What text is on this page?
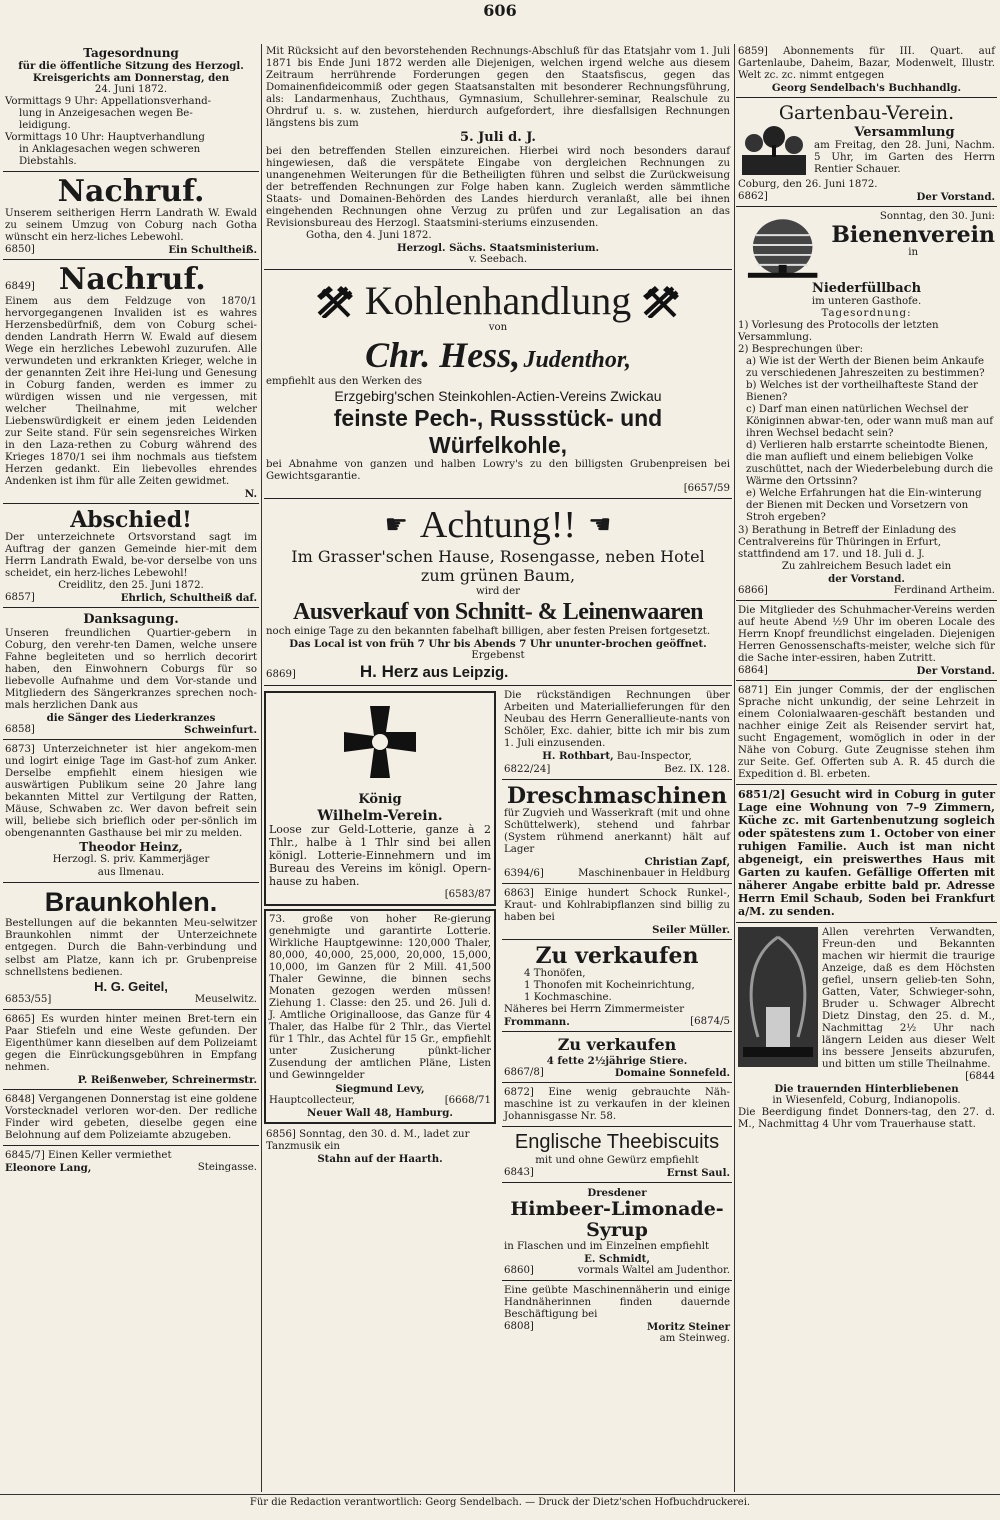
606
Tagesordnung
für die öffentliche Sitzung des Herzogl.
Kreisgerichts am Donnerstag, den
24. Juni 1872.
Vormittags 9 Uhr: Appellationsverhand-
lung in Anzeigesachen wegen Be-
leidigung.
Vormittags 10 Uhr: Hauptverhandlung
in Anklagesachen wegen schweren
Diebstahls.
Nachruf.
Unserem seitherigen Herrn Landrath W. Ewald zu seinem Umzug von Coburg nach Gotha wünscht ein herz-liches Lebewohl.
6850]	Ein Schultheiß.
6849] Nachruf.
Einem aus dem Feldzuge von 1870/1 hervorgegangenen Invaliden ist es wahres Herzensbedürfniß, dem von Coburg schei-denden Landrath Herrn W. Ewald auf diesem Wege ein herzliches Lebewohl zuzurufen. Alle verwundeten und erkrankten Krieger, welche in der genannten Zeit ihre Hei-lung und Genesung in Coburg fanden, werden es immer zu würdigen wissen und nie vergessen, mit welcher Theilnahme, mit welcher Liebenswürdigkeit er einem jeden Leidenden zur Seite stand. Für sein segensreiches Wirken in den Laza-rethen zu Coburg während des Krieges 1870/1 sei ihm nochmals aus tiefstem Herzen gedankt. Ein liebevolles ehrendes Andenken ist ihm für alle Zeiten gewidmet.
N.
Abschied!
Der unterzeichnete Ortsvorstand sagt im Auftrag der ganzen Gemeinde hier-mit dem Herrn Landrath Ewald, be-vor derselbe von uns scheidet, ein herz-liches Lebewohl!
Creidlitz, den 25. Juni 1872.
6857]	Ehrlich, Schultheiß daf.
Danksagung.
Unseren freundlichen Quartier-gebern in Coburg, den verehr-ten Damen, welche unsere Fahne begleiteten und so herrlich decorirt haben, den Einwohnern Coburgs für so liebevolle Aufnahme und dem Vor-stande und Mitgliedern des Sängerkranzes sprechen noch-mals herzlichen Dank aus
die Sänger des Liederkranzes
6858]	Schweinfurt.
6873] Unterzeichneter ist hier angekom-men und logirt einige Tage im Gast-hof zum Anker. Derselbe empfiehlt einem hiesigen wie auswärtigen Publikum seine 20 Jahre lang bekannten Mittel zur Vertilgung der Ratten, Mäuse, Schwaben zc. Wer davon befreit sein will, beliebe sich brieflich oder per-sönlich im obengenannten Gasthause bei mir zu melden.
Theodor Heinz,
Herzogl. S. priv. Kammerjäger
aus Ilmenau.
Braunkohlen.
Bestellungen auf die bekannten Meu-selwitzer Braunkohlen nimmt der Unterzeichnete entgegen. Durch die Bahn-verbindung und selbst am Platze, kann ich pr. Grubenpreise schnellstens bedienen.
H. G. Geitel,
6853/55]	Meuselwitz.
6865] Es wurden hinter meinen Bret-tern ein Paar Stiefeln und eine Weste gefunden. Der Eigenthümer kann dieselben auf dem Polizeiamt gegen die Einrückungsgebühren in Empfang nehmen.
P. Reißenweber, Schreinermstr.
6848] Vergangenen Donnerstag ist eine goldene Vorstecknadel verloren wor-den. Der redliche Finder wird gebeten, dieselbe gegen eine Belohnung auf dem Polizeiamte abzugeben.
6845/7] Einen Keller vermiethet
Eleonore Lang,	Steingasse.
Mit Rücksicht auf den bevorstehenden Rechnungs-Abschluß für das Etatsjahr vom 1. Juli 1871 bis Ende Juni 1872 werden alle Diejenigen, welchen irgend welche aus diesem Zeitraum herrührende Forderungen gegen den Staatsfiscus, gegen das Domainenfideicommiß oder gegen Staatsanstalten mit besonderer Rechnungsführung, als: Landarmenhaus, Zuchthaus, Gymnasium, Schullehrer-seminar, Realschule zu Ohrdruf u. s. w. zustehen, hierdurch aufgefordert, ihre diesfallsigen Rechnungen längstens bis zum
5. Juli d. J.
bei den betreffenden Stellen einzureichen. Hierbei wird noch besonders darauf hingewiesen, daß die verspätete Eingabe von dergleichen Rechnungen zu unangenehmen Weiterungen für die Betheiligten führen und selbst die Zurückweisung der betreffenden Rechnungen zur Folge haben kann. Zugleich werden sämmtliche Staats- und Domainen-Behörden des Landes hierdurch veranlaßt, alle bei ihnen eingehenden Rechnungen ohne Verzug zu prüfen und zur Legalisation an das Revisionsbureau des Herzogl. Staatsmini-steriums einzusenden.
Gotha, den 4. Juni 1872.
Herzogl. Sächs. Staatsministerium.
v. Seebach.
Kohlenhandlung
von
Chr. Hess, Judenthor,
empfiehlt aus den Werken des
Erzgebirg'schen Steinkohlen-Actien-Vereins Zwickau
feinste Pech-, Russstück- und Würfelkohle,
bei Abnahme von ganzen und halben Lowry's zu den billigsten Grubenpreisen bei Gewichtsgarantie.
[6657/59
☛ Achtung!! ☚
Im Grasser'schen Hause, Rosengasse, neben Hotel
zum grünen Baum,
wird der
Ausverkauf von Schnitt- & Leinenwaaren
noch einige Tage zu den bekannten fabelhaft billigen, aber festen Preisen fortgesetzt.
Das Local ist von früh 7 Uhr bis Abends 7 Uhr ununter-brochen geöffnet.
Ergebenst
6869]	H. Herz aus Leipzig.
König
Wilhelm-Verein.
Loose zur Geld-Lotterie, ganze à 2 Thlr., halbe à 1 Thlr sind bei allen königl. Lotterie-Einnehmern und im Bureau des Vereins im königl. Opern-hause zu haben.
[6583/87
73. große von hoher Re-gierung genehmigte und garantirte Lotterie. Wirkliche Hauptgewinne: 120,000 Thaler, 80,000, 40,000, 25,000, 20,000, 15,000, 10,000, im Ganzen für 2 Mill. 41,500 Thaler Gewinne, die binnen sechs Monaten gezogen werden müssen! Ziehung 1. Classe: den 25. und 26. Juli d. J. Amtliche Originalloose, das Ganze für 4 Thaler, das Halbe für 2 Thlr., das Viertel für 1 Thlr., das Achtel für 15 Gr., empfiehlt unter Zusicherung pünkt-licher Zusendung der amtlichen Pläne, Listen und Gewinngelder
Siegmund Levy,
Hauptcollecteur,	[6668/71
Neuer Wall 48, Hamburg.
6856] Sonntag, den 30. d. M., ladet zur Tanzmusik ein
Stahn auf der Haarth.
Die rückständigen Rechnungen über Arbeiten und Materiallieferungen für den Neubau des Herrn Generallieute-nants von Schöler, Exc. dahier, bitte ich mir bis zum 1. Juli einzusenden.
H. Rothbart, Bau-Inspector,
6822/24]	Bez. IX. 128.
Dreschmaschinen
für Zugvieh und Wasserkraft (mit und ohne Schüttelwerk), stehend und fahrbar (System rühmend anerkannt) hält auf Lager
Christian Zapf,
6394/6]	Maschinenbauer in Heldburg
6863] Einige hundert Schock Runkel-, Kraut- und Kohlrabipflanzen sind billig zu haben bei
Seiler Müller.
Zu verkaufen
4 Thonöfen,
1 Thonofen mit Kocheinrichtung,
1 Kochmaschine.
Näheres bei Herrn Zimmermeister
Frommann.	[6874/5
Zu verkaufen
4 fette 2½jährige Stiere.
6867/8]	Domaine Sonnefeld.
6872] Eine wenig gebrauchte Näh-maschine ist zu verkaufen in der kleinen Johannisgasse Nr. 58.
Englische Theebiscuits
mit und ohne Gewürz empfiehlt
6843]	Ernst Saul.
Dresdener
Himbeer-Limonade-Syrup
in Flaschen und im Einzelnen empfiehlt
E. Schmidt,
6860]	vormals Waltel am Judenthor.
Eine geübte Maschinennäherin und einige Handnäherinnen finden dauernde Beschäftigung bei
6808]	Moritz Steiner
am Steinweg.
6859] Abonnements für III. Quart. auf Gartenlaube, Daheim, Bazar, Modenwelt, Illustr. Welt zc. zc. nimmt entgegen
Georg Sendelbach's Buchhandlg.
Gartenbau-Verein.
Versammlung
am Freitag, den 28. Juni, Nachm. 5 Uhr, im Garten des Herrn Rentier Schauer.
Coburg, den 26. Juni 1872.
6862]	Der Vorstand.
Sonntag, den 30. Juni:
Bienenverein
in
Niederfüllbach
im unteren Gasthofe.
Tagesordnung:
1) Vorlesung des Protocolls der letzten Versammlung.
2) Besprechungen über:
a) Wie ist der Werth der Bienen beim Ankaufe zu verschiedenen Jahreszeiten zu bestimmen?
b) Welches ist der vortheilhafteste Stand der Bienen?
c) Darf man einen natürlichen Wechsel der Königinnen abwar-ten, oder wann muß man auf ihren Wechsel bedacht sein?
d) Verlieren halb erstarrte scheintodte Bienen, die man auflieft und einem beliebigen Volke zuschüttet, nach der Wiederbelebung durch die Wärme den Ortssinn?
e) Welche Erfahrungen hat die Ein-winterung der Bienen mit Decken und Vorsetzern von Stroh ergeben?
3) Berathung in Betreff der Einladung des Centralvereins für Thüringen in Erfurt, stattfindend am 17. und 18. Juli d. J.
Zu zahlreichem Besuch ladet ein
der Vorstand.
6866]	Ferdinand Artheim.
Die Mitglieder des Schuhmacher-Vereins werden auf heute Abend ½9 Uhr im oberen Locale des Herrn Knopf freundlichst eingeladen. Diejenigen Herren Genossenschafts-meister, welche sich für die Sache inter-essiren, haben Zutritt.
6864]	Der Vorstand.
6871] Ein junger Commis, der der englischen Sprache nicht unkundig, der seine Lehrzeit in einem Colonialwaaren-geschäft bestanden und nachher einige Zeit als Reisender servirt hat, sucht Engagement, womöglich in oder in der Nähe von Coburg. Gute Zeugnisse stehen ihm zur Seite. Gef. Offerten sub A. R. 45 durch die Expedition d. Bl. erbeten.
6851/2] Gesucht wird in Coburg in guter Lage eine Wohnung von 7–9 Zimmern, Küche zc. mit Gartenbenutzung sogleich oder spätestens zum 1. October von einer ruhigen Familie. Auch ist man nicht abgeneigt, ein preiswerthes Haus mit Garten zu kaufen. Gefällige Offerten mit näherer Angabe erbitte bald pr. Adresse Herrn Emil Schaub, Soden bei Frankfurt a/M. zu senden.
Allen verehrten Verwandten, Freun-den und Bekannten machen wir hiermit die traurige Anzeige, daß es dem Höchsten gefiel, unsern gelieb-ten Sohn, Gatten, Vater, Schwieger-sohn, Bruder u. Schwager Albrecht Dietz Dinstag, den 25. d. M., Nachmittag 2½ Uhr nach längern Leiden aus dieser Welt ins bessere Jenseits abzurufen, und bitten um stille Theilnahme.
[6844
Die trauernden Hinterbliebenen
in Wiesenfeld, Coburg, Indianopolis.
Die Beerdigung findet Donners-tag, den 27. d. M., Nachmittag 4 Uhr vom Trauerhause statt.
Für die Redaction verantwortlich: Georg Sendelbach. — Druck der Dietz'schen Hofbuchdruckerei.
